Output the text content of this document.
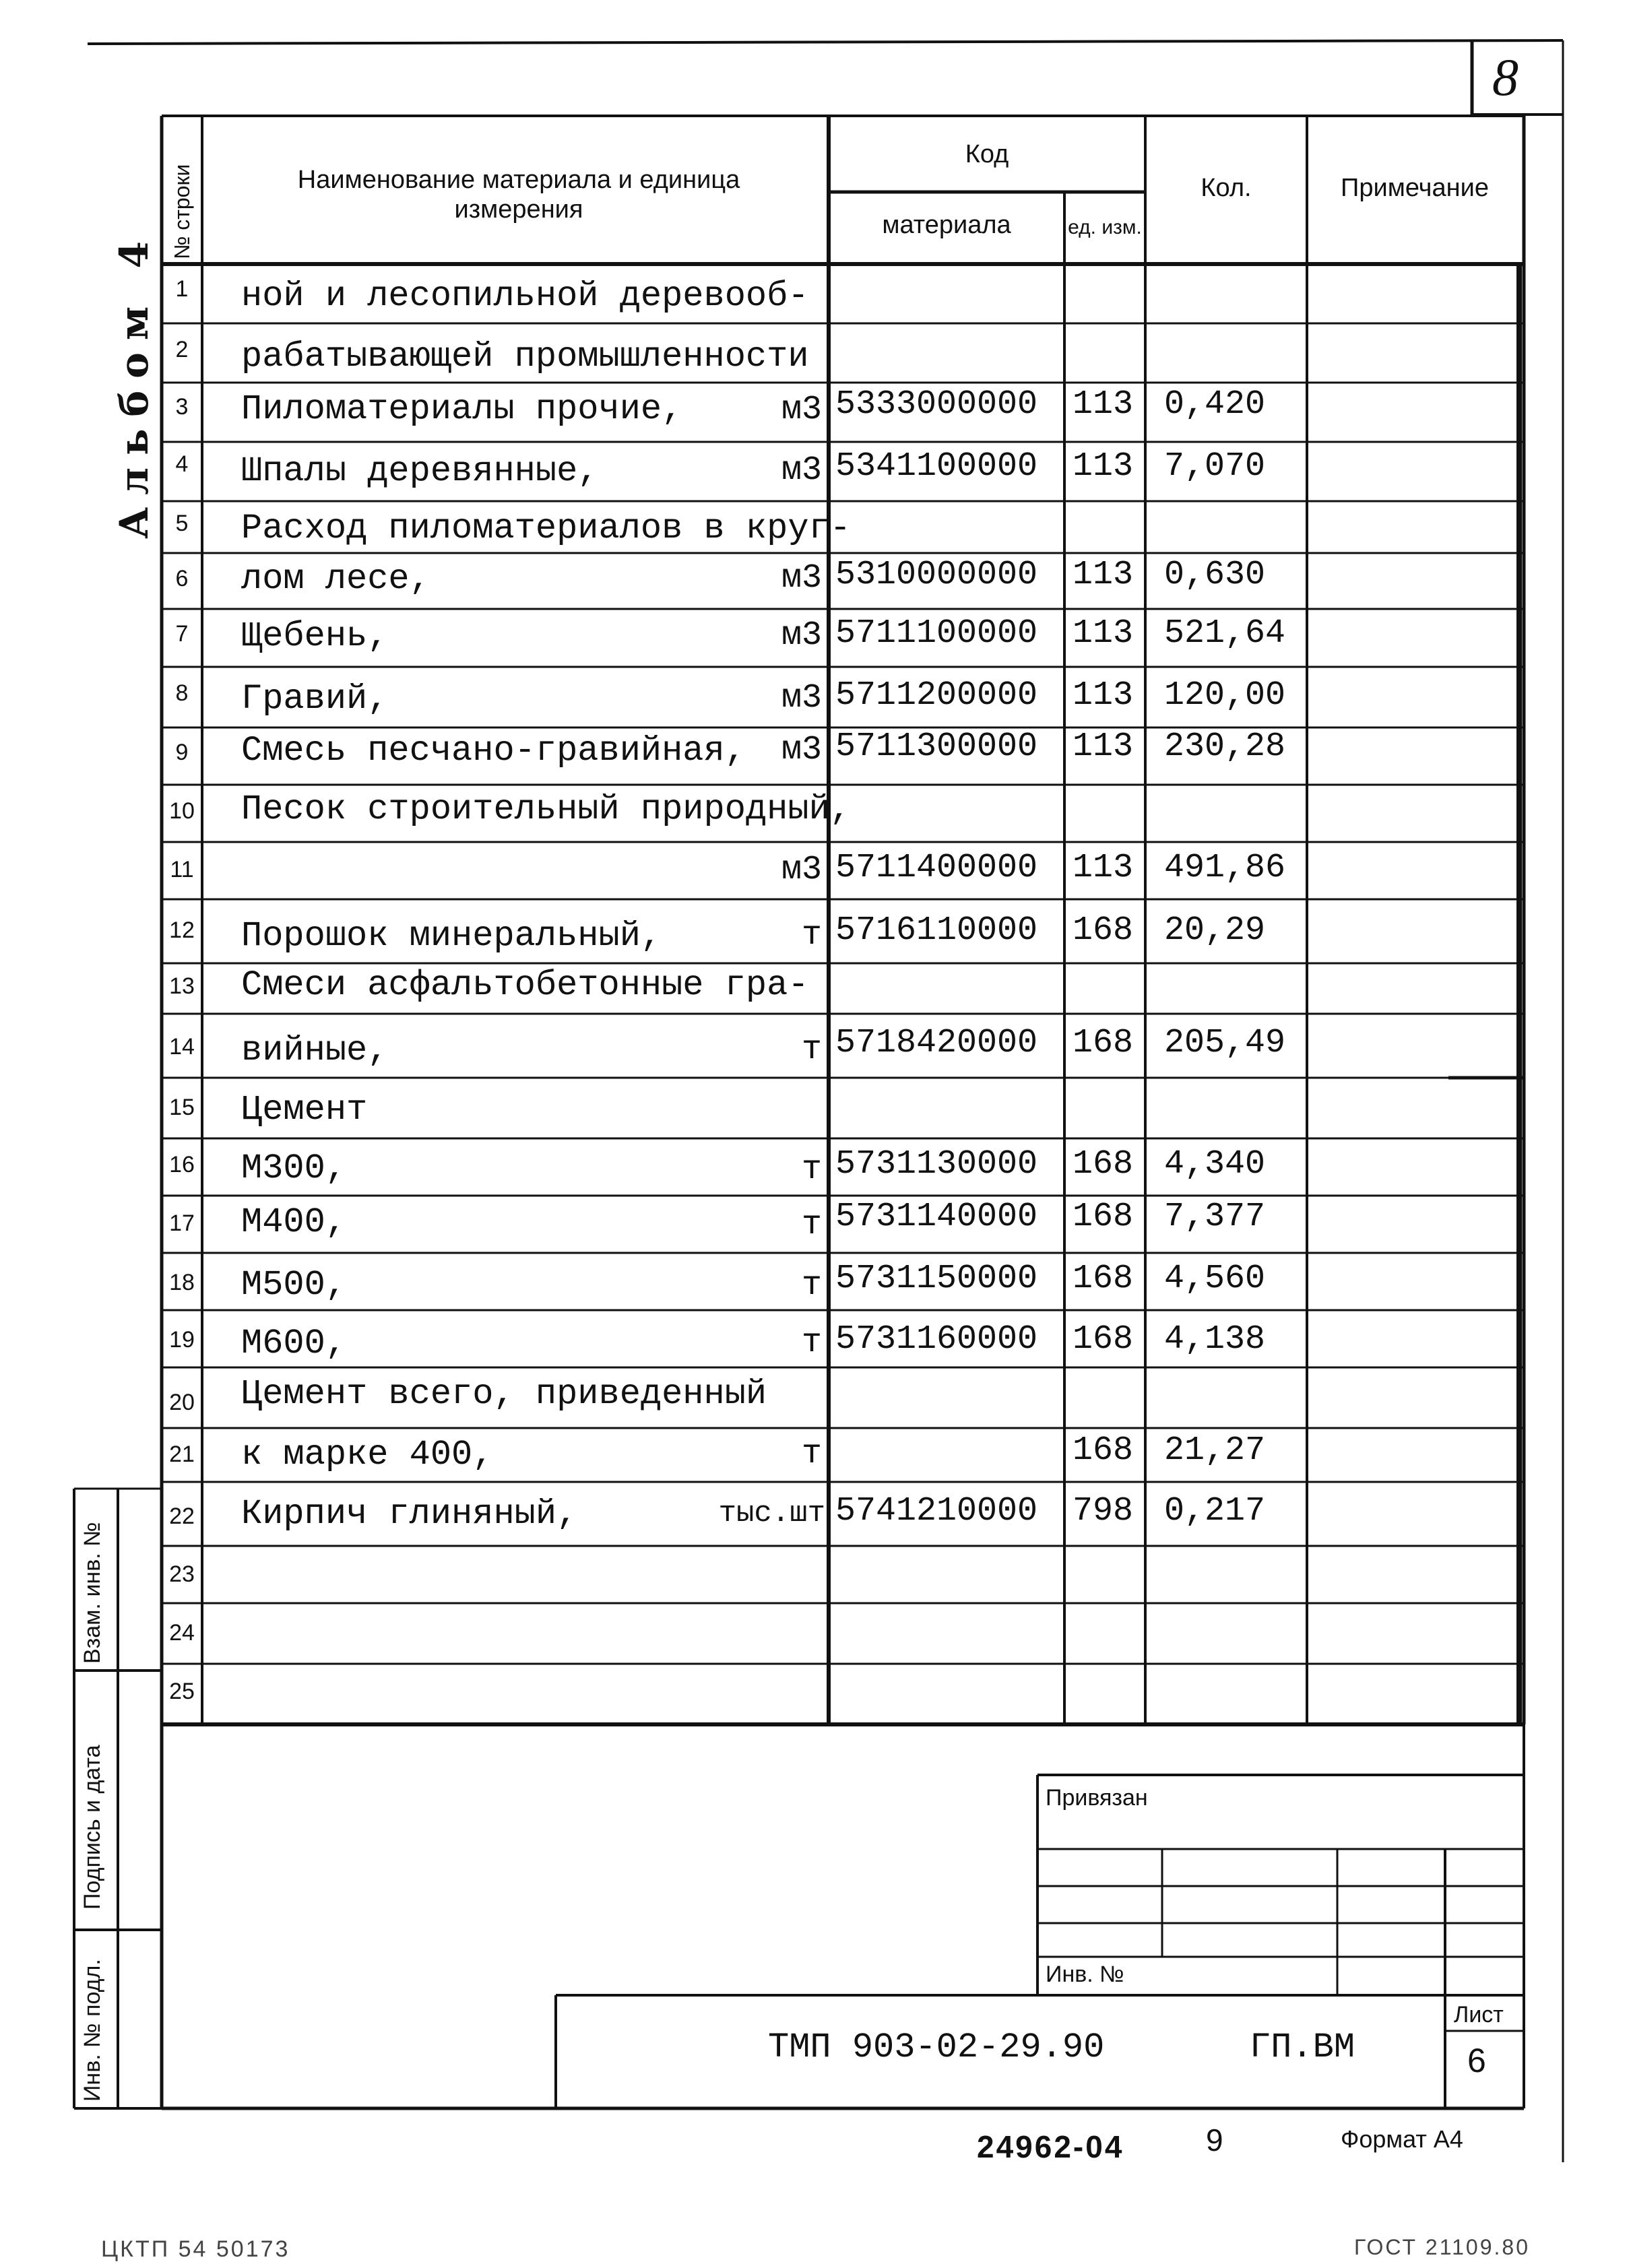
8
Альбом 4
№ строки	Наименование материала и единица измерения
Код
материала	ед. изм.
Кол.	Примечание
1 ной и лесопильной деревооб-
2 рабатывающей промышленности
3 Пиломатериалы прочие,	м3 5333000000 113 0,420
4 Шпалы деревянные,	м3 5341100000 113 7,070
5 Расход пиломатериалов в круг-
6 лом лесе,	м3 5310000000 113 0,630
7 Щебень,	м3 5711100000 113 521,64
8 Гравий,	м3 5711200000 113 120,00
9 Смесь песчано-гравийная,	м3 5711300000 113 230,28
10 Песок строительный природный,
11	м3 5711400000 113 491,86
12 Порошок минеральный,	т 5716110000 168 20,29
13 Смеси асфальтобетонные гра-
14 вийные,	т 5718420000 168 205,49
15 Цемент
16 М300,	т 5731130000 168 4,340
17 М400,	т 5731140000 168 7,377
18 М500,	т 5731150000 168 4,560
19 М600,	т 5731160000 168 4,138
20 Цемент всего, приведенный
21 к марке 400,	т	168 21,27
22 Кирпич глиняный,	тыс.шт 5741210000 798 0,217
23
24
25
Взам. инв. №
Подпись и дата
Инв. № подл.
Привязан
Инв. №
ТМП 903-02-29.90	ГП.ВМ
Лист
6
24962-04	9	Формат А4
ЦКТП 54 50173	ГОСТ 21109.80
